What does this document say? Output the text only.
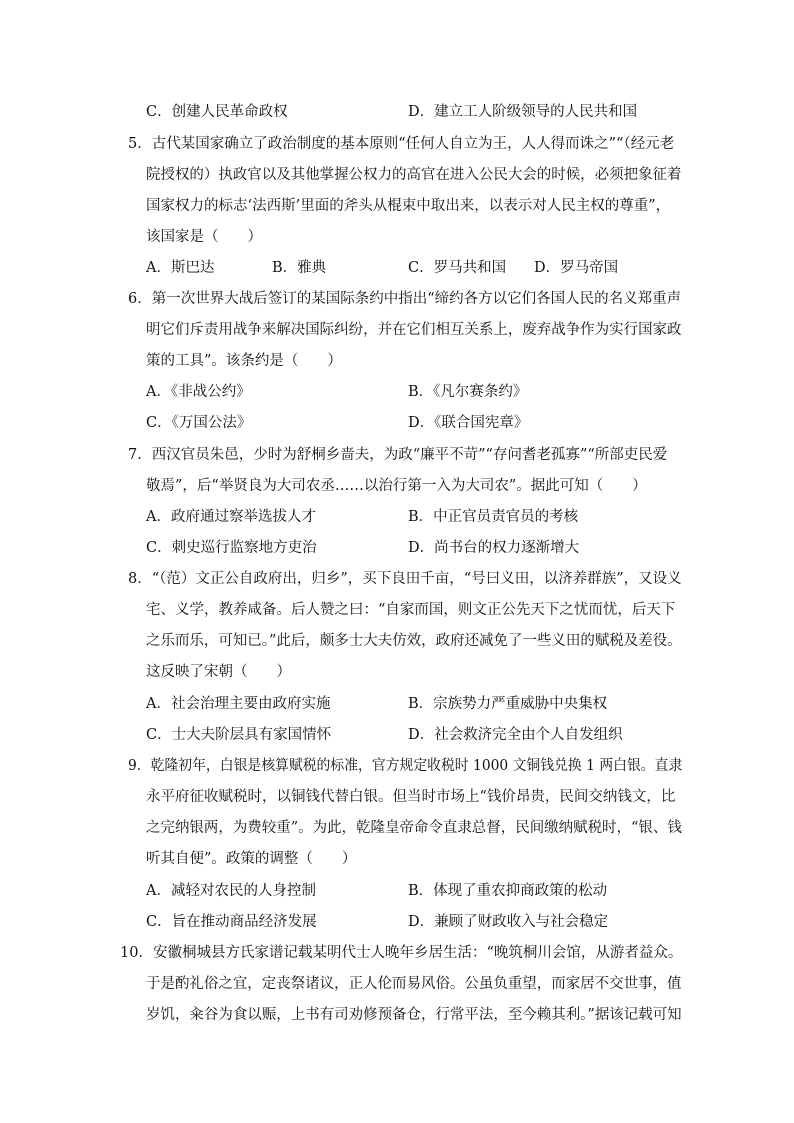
C．创建人民革命政权	D．建立工人阶级领导的人民共和国
5．古代某国家确立了政治制度的基本原则“任何人自立为王，人人得而诛之”“（经元老
院授权的）执政官以及其他掌握公权力的高官在进入公民大会的时候，必须把象征着
国家权力的标志‘法西斯’里面的斧头从棍束中取出来，以表示对人民主权的尊重”，
该国家是（　　）
A．斯巴达	B．雅典	C．罗马共和国 D．罗马帝国
6．第一次世界大战后签订的某国际条约中指出“缔约各方以它们各国人民的名义郑重声
明它们斥责用战争来解决国际纠纷，并在它们相互关系上，废弃战争作为实行国家政
策的工具”。该条约是（　　）
A．《非战公约》	B．《凡尔赛条约》
C．《万国公法》	D．《联合国宪章》
7．西汉官员朱邑，少时为舒桐乡啬夫，为政“廉平不苛”“存问耆老孤寡”“所部吏民爱
敬焉”，后“举贤良为大司农丞……以治行第一入为大司农”。据此可知（　　）
A．政府通过察举选拔人才	B．中正官员责官员的考核
C．刺史巡行监察地方吏治	D．尚书台的权力逐渐增大
8．“（范）文正公自政府出，归乡”，买下良田千亩，“号曰义田，以济养群族”，又设义
宅、义学，教养咸备。后人赞之曰：“自家而国，则文正公先天下之忧而忧，后天下
之乐而乐，可知已。”此后，颇多士大夫仿效，政府还减免了一些义田的赋税及差役。
这反映了宋朝（　　）
A．社会治理主要由政府实施	B．宗族势力严重威胁中央集权
C．士大夫阶层具有家国情怀	D．社会救济完全由个人自发组织
9．乾隆初年，白银是核算赋税的标准，官方规定收税时 1000 文铜钱兑换 1 两白银。直隶
永平府征收赋税时，以铜钱代替白银。但当时市场上“钱价昂贵，民间交纳钱文，比
之完纳银两，为费较重”。为此，乾隆皇帝命令直隶总督，民间缴纳赋税时，“银、钱
听其自便”。政策的调整（　　）
A．减轻对农民的人身控制	B．体现了重农抑商政策的松动
C．旨在推动商品经济发展	D．兼顾了财政收入与社会稳定
10．安徽桐城县方氏家谱记载某明代士人晚年乡居生活：“晚筑桐川会馆，从游者益众。
于是酌礼俗之宜，定丧祭诸议，正人伦而易风俗。公虽负重望，而家居不交世事，值
岁饥，籴谷为食以赈，上书有司劝修预备仓，行常平法，至今赖其利。”据该记载可知
